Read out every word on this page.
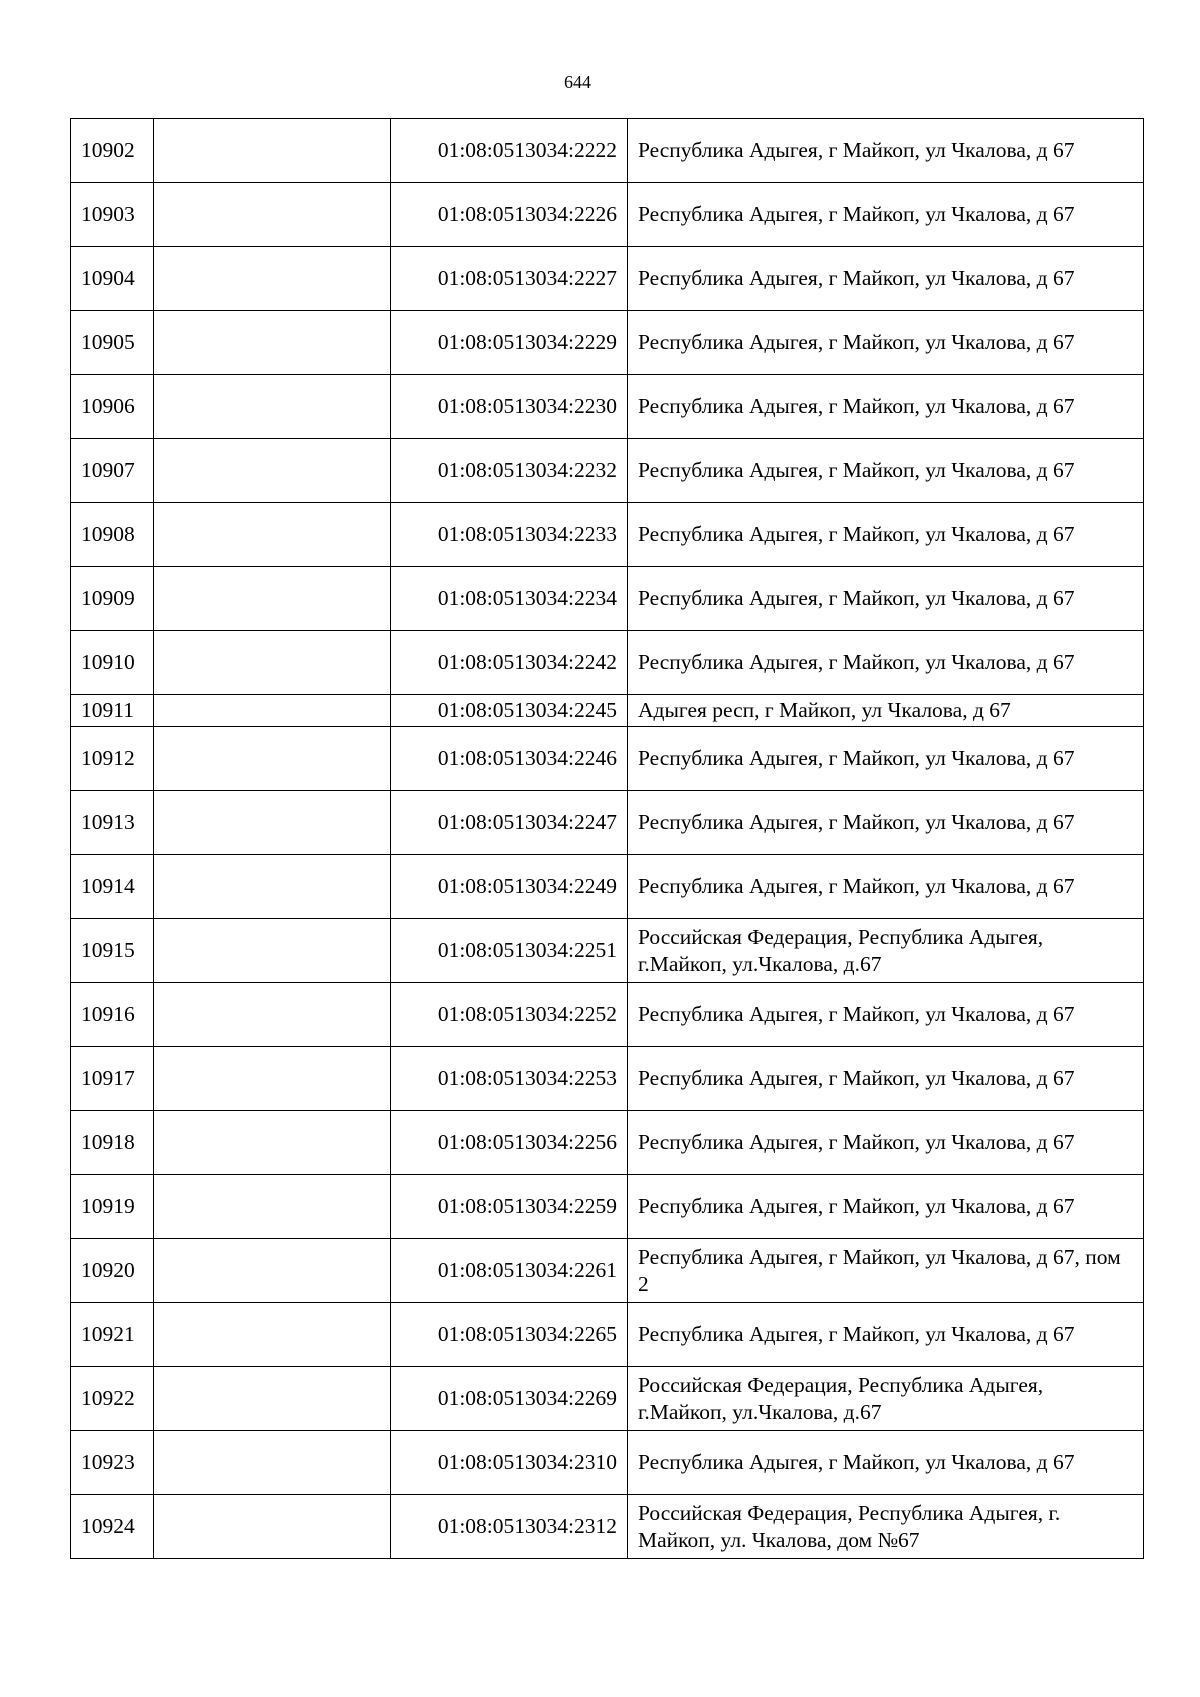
644
10902		01:08:0513034:2222	Республика Адыгея, г Майкоп, ул Чкалова, д 67
10903		01:08:0513034:2226	Республика Адыгея, г Майкоп, ул Чкалова, д 67
10904		01:08:0513034:2227	Республика Адыгея, г Майкоп, ул Чкалова, д 67
10905		01:08:0513034:2229	Республика Адыгея, г Майкоп, ул Чкалова, д 67
10906		01:08:0513034:2230	Республика Адыгея, г Майкоп, ул Чкалова, д 67
10907		01:08:0513034:2232	Республика Адыгея, г Майкоп, ул Чкалова, д 67
10908		01:08:0513034:2233	Республика Адыгея, г Майкоп, ул Чкалова, д 67
10909		01:08:0513034:2234	Республика Адыгея, г Майкоп, ул Чкалова, д 67
10910		01:08:0513034:2242	Республика Адыгея, г Майкоп, ул Чкалова, д 67
10911		01:08:0513034:2245	Адыгея респ, г Майкоп, ул Чкалова, д 67
10912		01:08:0513034:2246	Республика Адыгея, г Майкоп, ул Чкалова, д 67
10913		01:08:0513034:2247	Республика Адыгея, г Майкоп, ул Чкалова, д 67
10914		01:08:0513034:2249	Республика Адыгея, г Майкоп, ул Чкалова, д 67
10915		01:08:0513034:2251	Российская Федерация, Республика Адыгея, г.Майкоп, ул.Чкалова, д.67
10916		01:08:0513034:2252	Республика Адыгея, г Майкоп, ул Чкалова, д 67
10917		01:08:0513034:2253	Республика Адыгея, г Майкоп, ул Чкалова, д 67
10918		01:08:0513034:2256	Республика Адыгея, г Майкоп, ул Чкалова, д 67
10919		01:08:0513034:2259	Республика Адыгея, г Майкоп, ул Чкалова, д 67
10920		01:08:0513034:2261	Республика Адыгея, г Майкоп, ул Чкалова, д 67, пом 2
10921		01:08:0513034:2265	Республика Адыгея, г Майкоп, ул Чкалова, д 67
10922		01:08:0513034:2269	Российская Федерация, Республика Адыгея, г.Майкоп, ул.Чкалова, д.67
10923		01:08:0513034:2310	Республика Адыгея, г Майкоп, ул Чкалова, д 67
10924		01:08:0513034:2312	Российская Федерация, Республика Адыгея, г. Майкоп, ул. Чкалова, дом №67
